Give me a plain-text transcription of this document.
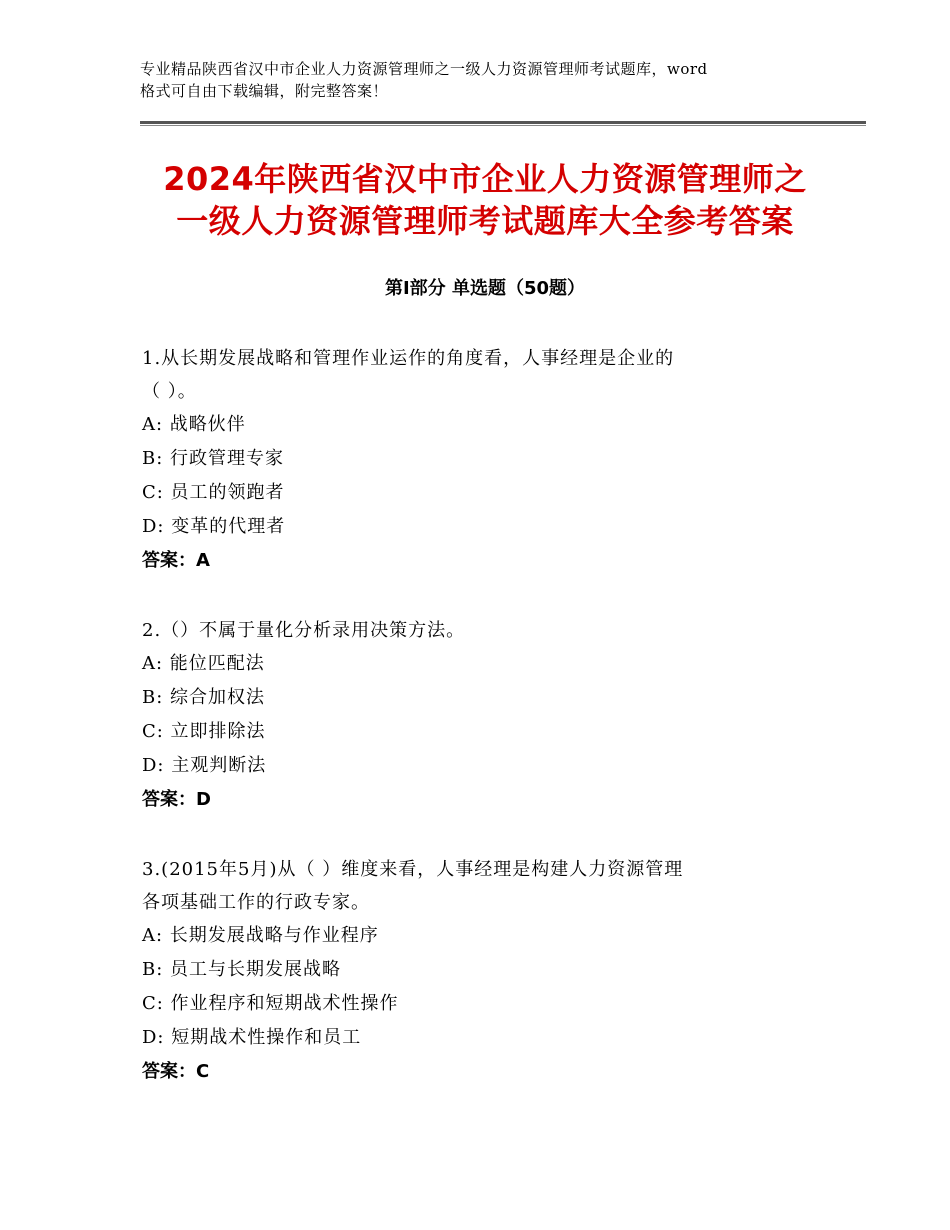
专业精品陕西省汉中市企业人力资源管理师之一级人力资源管理师考试题库，word
格式可自由下载编辑，附完整答案！
2024年陕西省汉中市企业人力资源管理师之
一级人力资源管理师考试题库大全参考答案
第Ⅰ部分 单选题（50题）

1.从长期发展战略和管理作业运作的角度看，人事经理是企业的

（ ）。

A: 战略伙伴

B: 行政管理专家

C: 员工的领跑者

D: 变革的代理者

答案：A

2.（）不属于量化分析录用决策方法。

A: 能位匹配法

B: 综合加权法

C: 立即排除法

D: 主观判断法

答案：D

3.(2015年5月)从（ ）维度来看，人事经理是构建人力资源管理

各项基础工作的行政专家。

A: 长期发展战略与作业程序

B: 员工与长期发展战略

C: 作业程序和短期战术性操作

D: 短期战术性操作和员工

答案：C
